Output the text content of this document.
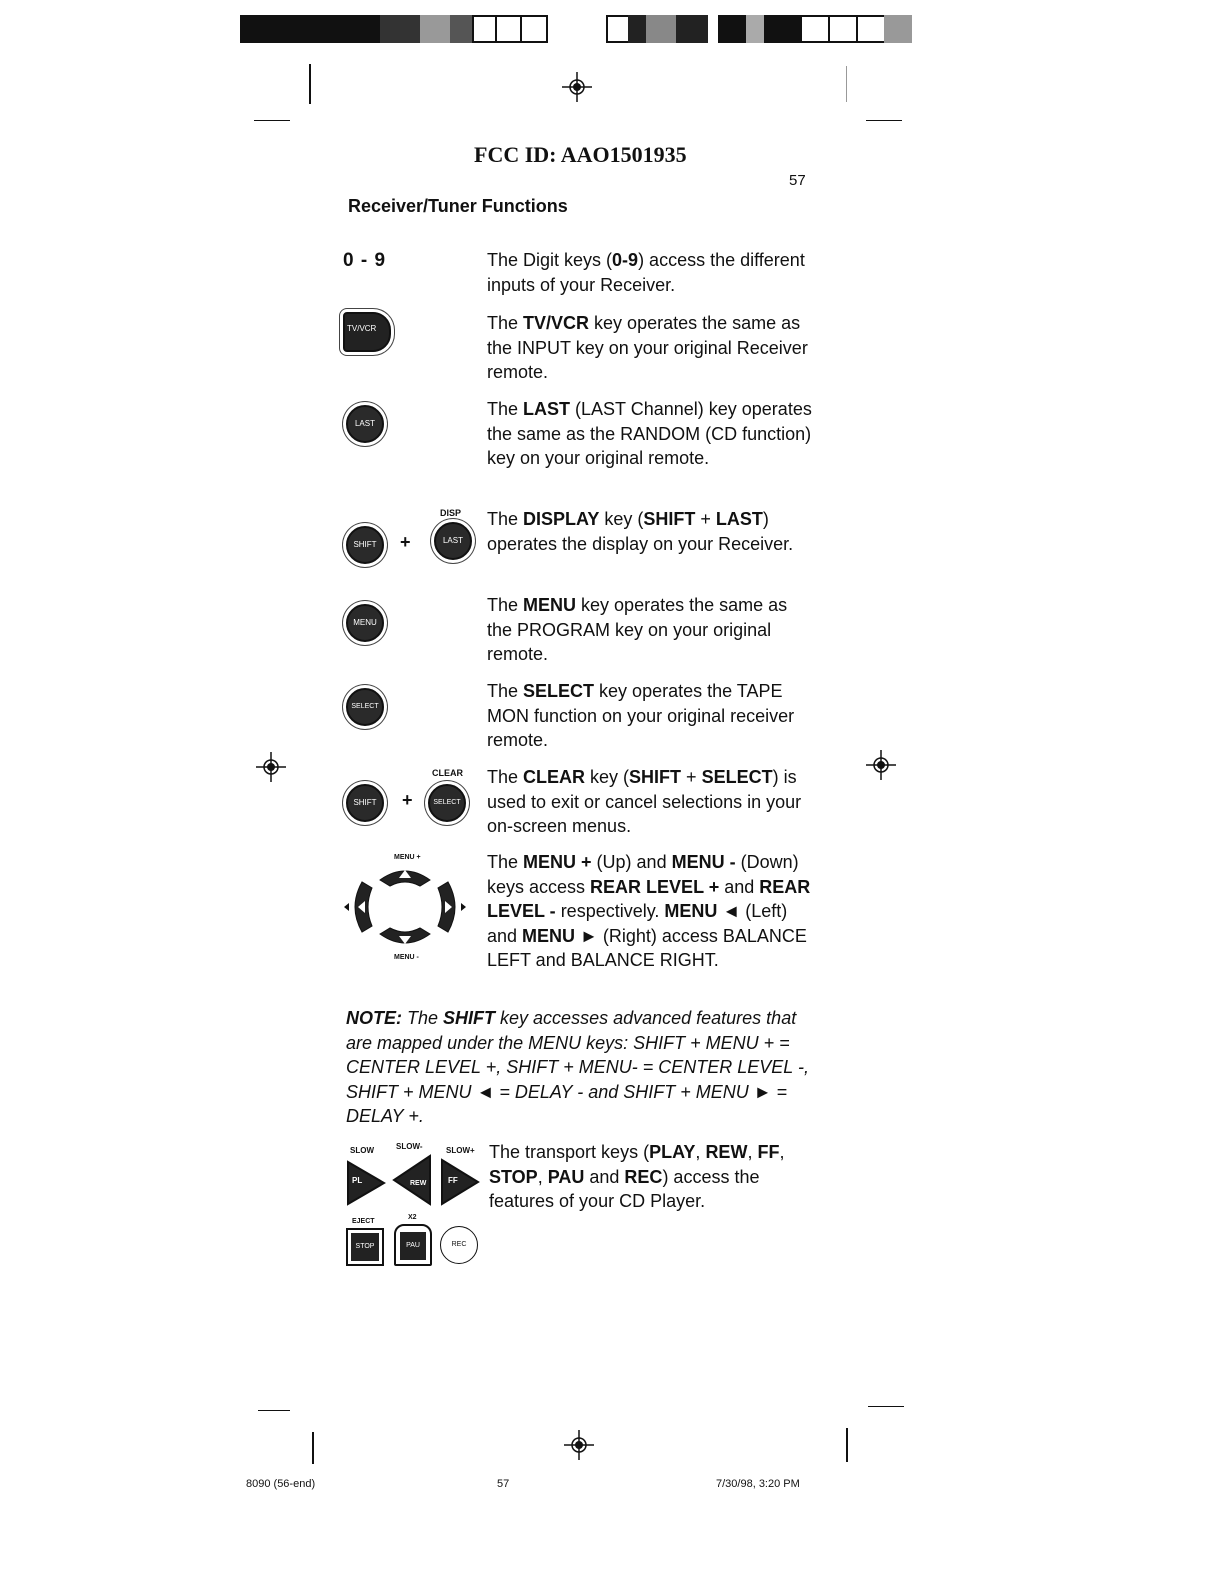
FCC ID: AAO1501935
57
Receiver/Tuner Functions
0 - 9	The Digit keys (0-9) access the different inputs of your Receiver.
TV/VCR	The TV/VCR key operates the same as the INPUT key on your original Receiver remote.
LAST
The LAST (LAST Channel) key operates the same as the RANDOM (CD function) key on your original remote.
SHIFT	+
DISP
LAST
The DISPLAY key (SHIFT + LAST) operates the display on your Receiver.
MENU
The MENU key operates the same as the PROGRAM key on your original remote.
SELECT
The SELECT key operates the TAPE MON function on your original receiver remote.
SHIFT	+
CLEAR
SELECT
The CLEAR key (SHIFT + SELECT) is used to exit or cancel selections in your on-screen menus.
MENU +
MENU -
The MENU + (Up) and MENU - (Down) keys access REAR LEVEL + and REAR LEVEL - respectively. MENU ◄ (Left) and MENU ► (Right) access BALANCE LEFT and BALANCE RIGHT.
NOTE: The SHIFT key accesses advanced features that are mapped under the MENU keys: SHIFT + MENU + = CENTER LEVEL +, SHIFT + MENU- = CENTER LEVEL -, SHIFT + MENU ◄ = DELAY - and SHIFT + MENU ► = DELAY +.
SLOW	SLOW-	SLOW+
PL	REW	FF
EJECT
X2
STOP	PAU	REC
The transport keys (PLAY, REW, FF, STOP, PAU and REC) access the features of your CD Player.
8090 (56-end)	57	7/30/98, 3:20 PM
